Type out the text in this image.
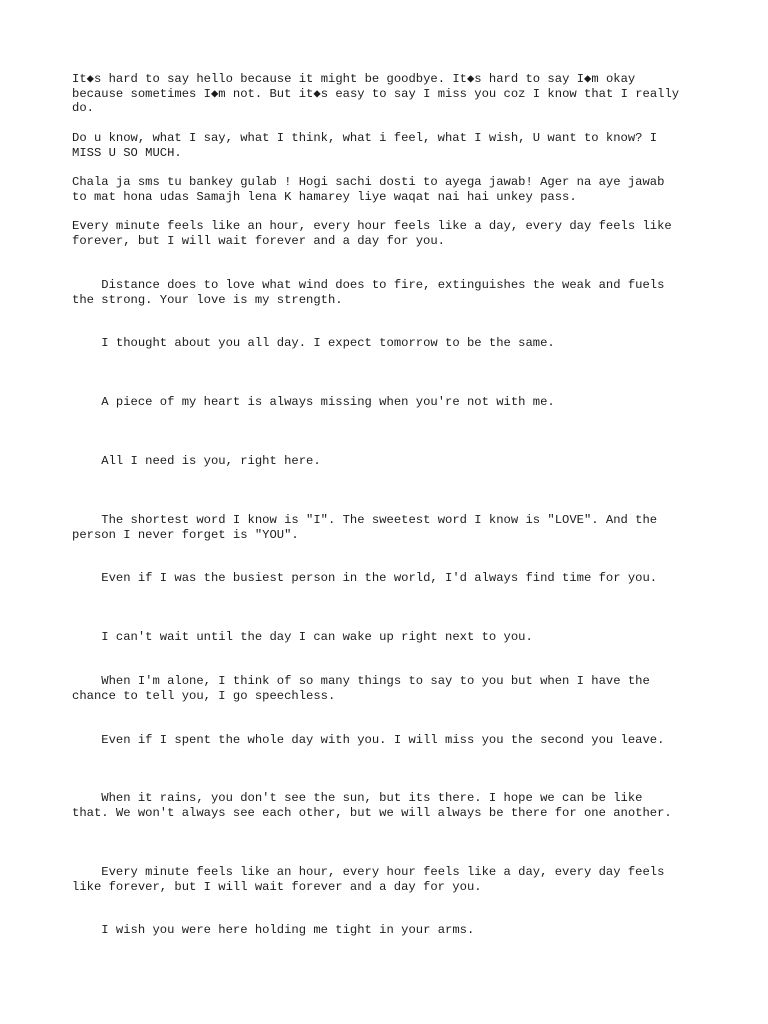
It◆s hard to say hello because it might be goodbye. It◆s hard to say I◆m okay
because sometimes I◆m not. But it◆s easy to say I miss you coz I know that I really
do.

Do u know, what I say, what I think, what i feel, what I wish, U want to know? I
MISS U SO MUCH.

Chala ja sms tu bankey gulab ! Hogi sachi dosti to ayega jawab! Ager na aye jawab
to mat hona udas Samajh lena K hamarey liye waqat nai hai unkey pass.

Every minute feels like an hour, every hour feels like a day, every day feels like
forever, but I will wait forever and a day for you.

Distance does to love what wind does to fire, extinguishes the weak and fuels
the strong. Your love is my strength.

I thought about you all day. I expect tomorrow to be the same.

A piece of my heart is always missing when you're not with me.

All I need is you, right here.

The shortest word I know is "I". The sweetest word I know is "LOVE". And the
person I never forget is "YOU".

Even if I was the busiest person in the world, I'd always find time for you.

I can't wait until the day I can wake up right next to you.

When I'm alone, I think of so many things to say to you but when I have the
chance to tell you, I go speechless.

Even if I spent the whole day with you. I will miss you the second you leave.

When it rains, you don't see the sun, but its there. I hope we can be like
that. We won't always see each other, but we will always be there for one another.

Every minute feels like an hour, every hour feels like a day, every day feels
like forever, but I will wait forever and a day for you.

I wish you were here holding me tight in your arms.
